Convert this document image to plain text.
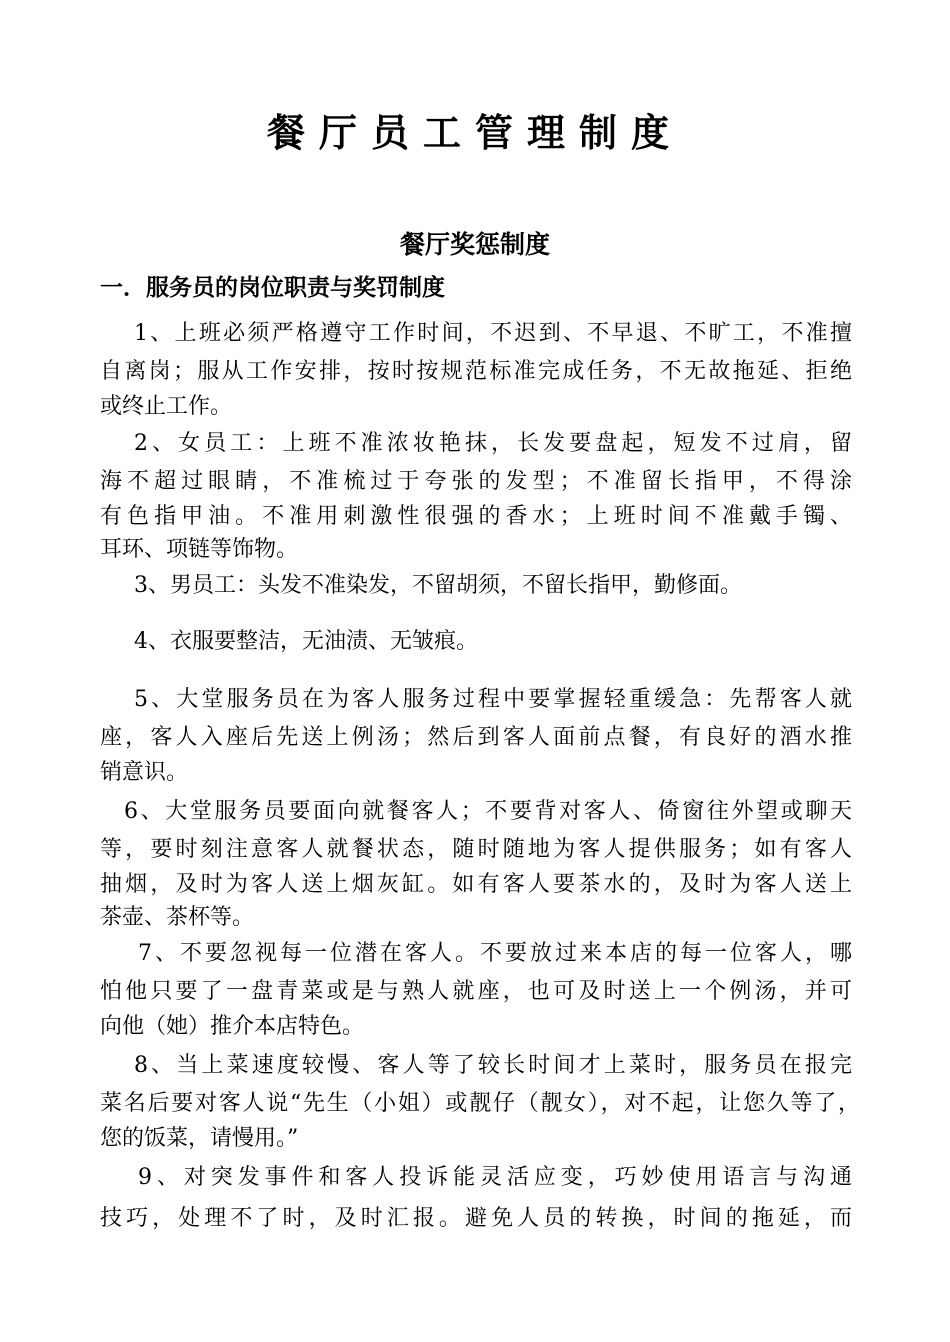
餐厅员工管理制度
餐厅奖惩制度
一．服务员的岗位职责与奖罚制度
1、上班必须严格遵守工作时间，不迟到、不早退、不旷工，不准擅
自离岗；服从工作安排，按时按规范标准完成任务，不无故拖延、拒绝
或终止工作。
2、女员工：上班不准浓妆艳抹，长发要盘起，短发不过肩，留
海不超过眼睛，不准梳过于夸张的发型；不准留长指甲，不得涂
有色指甲油。不准用刺激性很强的香水；上班时间不准戴手镯、
耳环、项链等饰物。
3、男员工：头发不准染发，不留胡须，不留长指甲，勤修面。
4、衣服要整洁，无油渍、无皱痕。
5、大堂服务员在为客人服务过程中要掌握轻重缓急：先帮客人就
座，客人入座后先送上例汤；然后到客人面前点餐，有良好的酒水推
销意识。
6、大堂服务员要面向就餐客人；不要背对客人、倚窗往外望或聊天
等，要时刻注意客人就餐状态，随时随地为客人提供服务；如有客人
抽烟，及时为客人送上烟灰缸。如有客人要茶水的，及时为客人送上
茶壶、茶杯等。
7、不要忽视每一位潜在客人。不要放过来本店的每一位客人，哪
怕他只要了一盘青菜或是与熟人就座，也可及时送上一个例汤，并可
向他（她）推介本店特色。
8、当上菜速度较慢、客人等了较长时间才上菜时，服务员在报完
菜名后要对客人说“先生（小姐）或靓仔（靓女），对不起，让您久等了，
您的饭菜，请慢用。”
9、对突发事件和客人投诉能灵活应变，巧妙使用语言与沟通
技巧，处理不了时，及时汇报。避免人员的转换，时间的拖延，而
